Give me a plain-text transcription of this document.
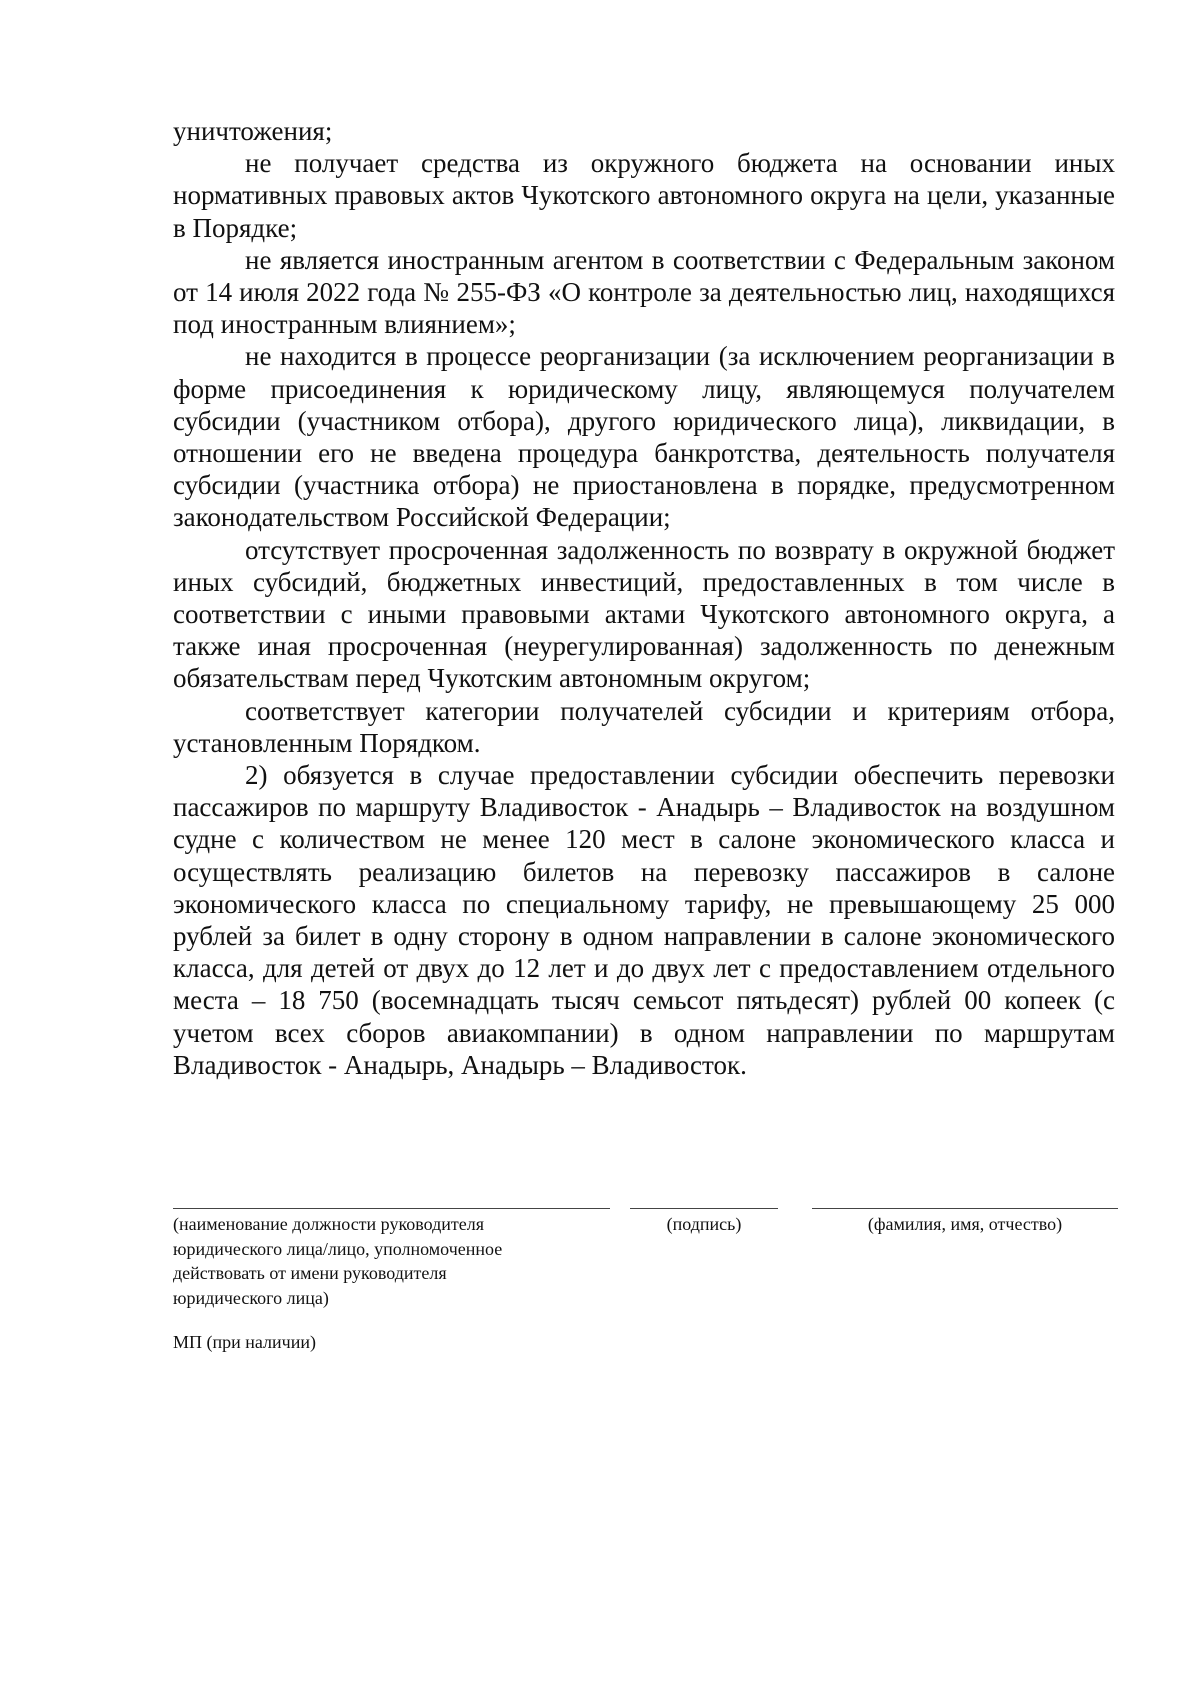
уничтожения;

не получает средства из окружного бюджета на основании иных нормативных правовых актов Чукотского автономного округа на цели, указанные в Порядке;

не является иностранным агентом в соответствии с Федеральным законом от 14 июля 2022 года № 255-ФЗ «О контроле за деятельностью лиц, находящихся под иностранным влиянием»;

не находится в процессе реорганизации (за исключением реорганизации в форме присоединения к юридическому лицу, являющемуся получателем субсидии (участником отбора), другого юридического лица), ликвидации, в отношении его не введена процедура банкротства, деятельность получателя субсидии (участника отбора) не приостановлена в порядке, предусмотренном законодательством Российской Федерации;

отсутствует просроченная задолженность по возврату в окружной бюджет иных субсидий, бюджетных инвестиций, предоставленных в том числе в соответствии с иными правовыми актами Чукотского автономного округа, а также иная просроченная (неурегулированная) задолженность по денежным обязательствам перед Чукотским автономным округом;

соответствует категории получателей субсидии и критериям отбора, установленным Порядком.

2) обязуется в случае предоставлении субсидии обеспечить перевозки пассажиров по маршруту Владивосток - Анадырь – Владивосток на воздушном судне с количеством не менее 120 мест в салоне экономического класса и осуществлять реализацию билетов на перевозку пассажиров в салоне экономического класса по специальному тарифу, не превышающему 25 000 рублей за билет в одну сторону в одном направлении в салоне экономического класса, для детей от двух до 12 лет и до двух лет с предоставлением отдельного места – 18 750 (восемнадцать тысяч семьсот пятьдесят) рублей 00 копеек (с учетом всех сборов авиакомпании) в одном направлении по маршрутам Владивосток - Анадырь, Анадырь – Владивосток.

(наименование должности руководителя
юридического лица/лицо, уполномоченное
действовать от имени руководителя
юридического лица)
(подпись)	(фамилия, имя, отчество)
МП (при наличии)
